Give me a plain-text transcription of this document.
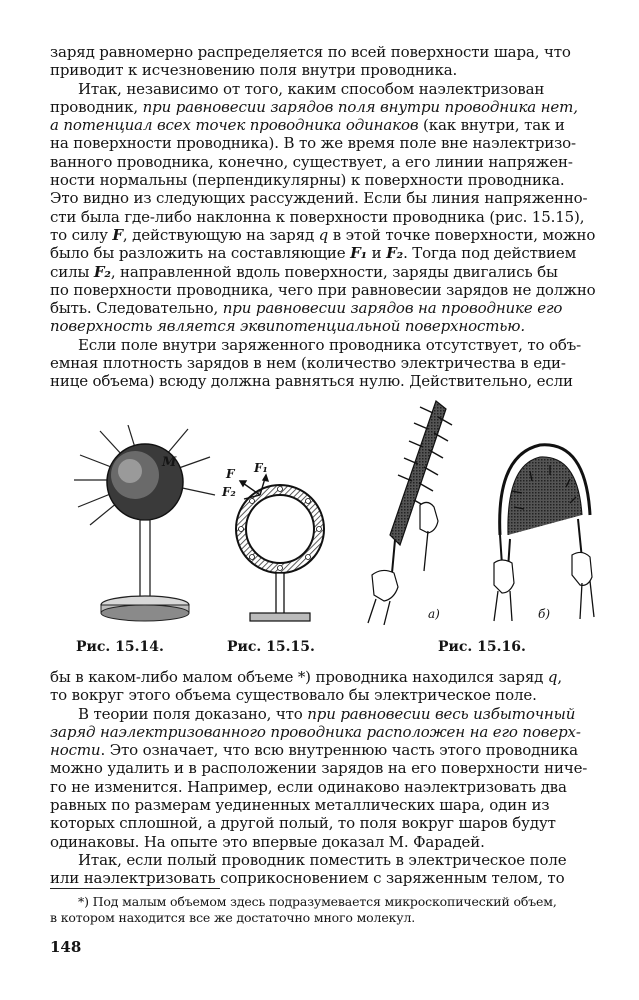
заряд равномерно распределяется по всей поверхности шара, что
приводит к исчезновению поля внутри проводника.
Итак, независимо от того, каким способом наэлектризован
проводник, при равновесии зарядов поля внутри проводника нет,
а потенциал всех точек проводника одинаков (как внутри, так и
на поверхности проводника). В то же время поле вне наэлектризо-
ванного проводника, конечно, существует, а его линии напряжен-
ности нормальны (перпендикулярны) к поверхности проводника.
Это видно из следующих рассуждений. Если бы линия напряженно-
сти была где-либо наклонна к поверхности проводника (рис. 15.15),
то силу F, действующую на заряд q в этой точке поверхности, можно
было бы разложить на составляющие F₁ и F₂. Тогда под действием
силы F₂, направленной вдоль поверхности, заряды двигались бы
по поверхности проводника, чего при равновесии зарядов не должно
быть. Следовательно, при равновесии зарядов на проводнике его
поверхность является эквипотенциальной поверхностью.
Если поле внутри заряженного проводника отсутствует, то объ-
емная плотность зарядов в нем (количество электричества в еди-
нице объема) всюду должна равняться нулю. Действительно, если
M
F F₁
F₂
а)	б)
Рис. 15.14.	Рис. 15.15.	Рис. 15.16.
бы в каком-либо малом объеме *) проводника находился заряд q,
то вокруг этого объема существовало бы электрическое поле.
В теории поля доказано, что при равновесии весь избыточный
заряд наэлектризованного проводника расположен на его поверх-
ности. Это означает, что всю внутреннюю часть этого проводника
можно удалить и в расположении зарядов на его поверхности ниче-
го не изменится. Например, если одинаково наэлектризовать два
равных по размерам уединенных металлических шара, один из
которых сплошной, а другой полый, то поля вокруг шаров будут
одинаковы. На опыте это впервые доказал М. Фарадей.
Итак, если полый проводник поместить в электрическое поле
или наэлектризовать соприкосновением с заряженным телом, то
*) Под малым объемом здесь подразумевается микроскопический объем,
в котором находится все же достаточно много молекул.
148
